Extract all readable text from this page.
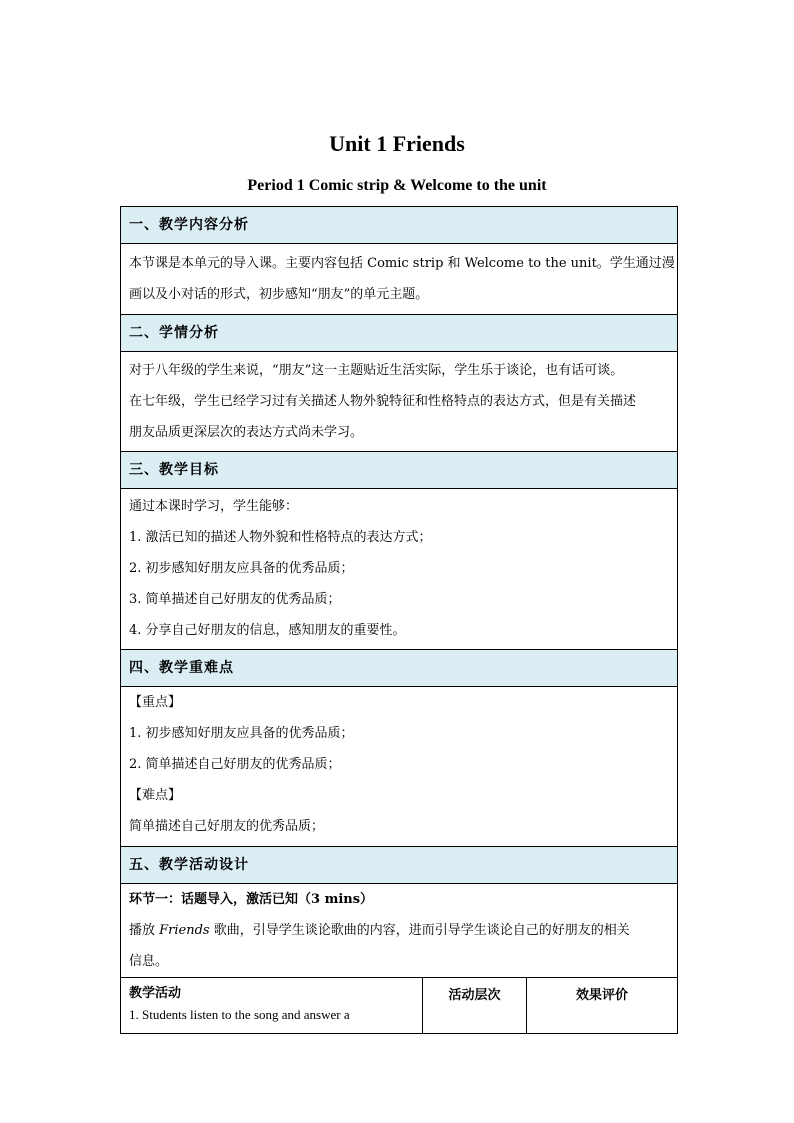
Unit 1 Friends
Period 1 Comic strip & Welcome to the unit
一、教学内容分析
本节课是本单元的导入课。主要内容包括 Comic strip 和 Welcome to the unit。学生通过漫
画以及小对话的形式，初步感知“朋友”的单元主题。
二、学情分析
对于八年级的学生来说，“朋友”这一主题贴近生活实际，学生乐于谈论，也有话可谈。
在七年级，学生已经学习过有关描述人物外貌特征和性格特点的表达方式，但是有关描述
朋友品质更深层次的表达方式尚未学习。
三、教学目标
通过本课时学习，学生能够：
1. 激活已知的描述人物外貌和性格特点的表达方式；
2. 初步感知好朋友应具备的优秀品质；
3. 简单描述自己好朋友的优秀品质；
4. 分享自己好朋友的信息，感知朋友的重要性。
四、教学重难点
【重点】
1. 初步感知好朋友应具备的优秀品质；
2. 简单描述自己好朋友的优秀品质；
【难点】
简单描述自己好朋友的优秀品质；
五、教学活动设计
环节一：话题导入，激活已知（3 mins）
播放 Friends 歌曲，引导学生谈论歌曲的内容，进而引导学生谈论自己的好朋友的相关
信息。
教学活动
1. Students listen to the song and answer a
活动层次	效果评价
